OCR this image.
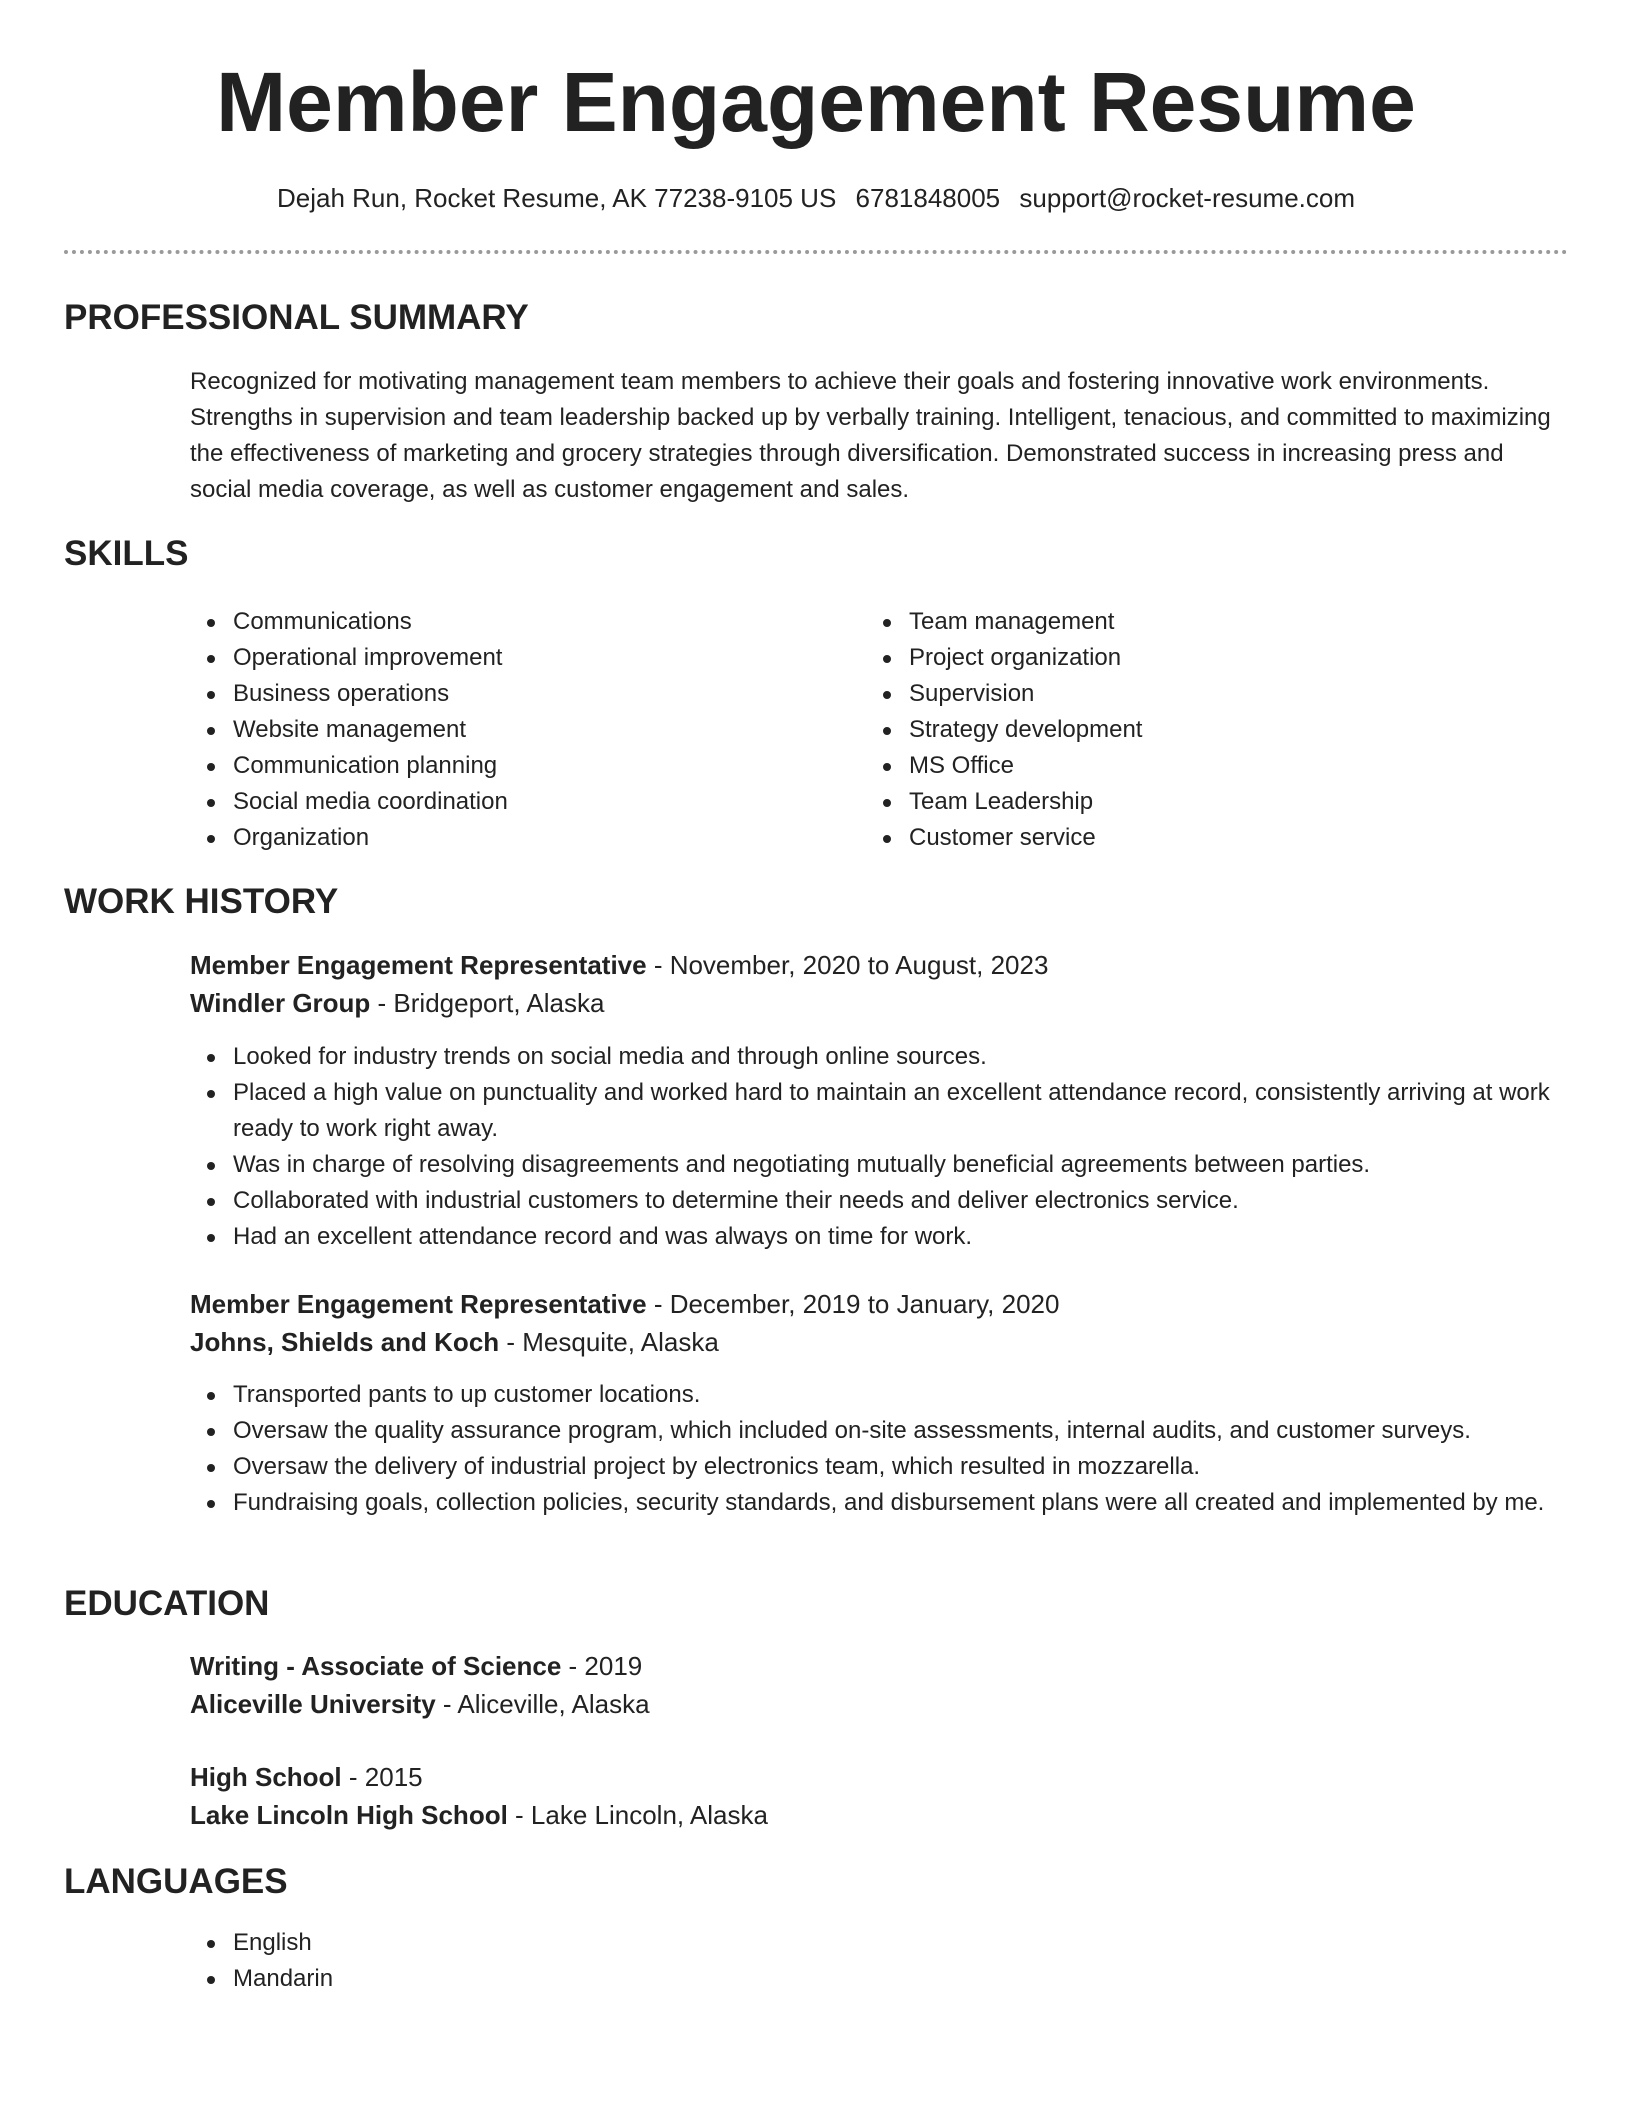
Member Engagement Resume
Dejah Run, Rocket Resume, AK 77238-9105 US 6781848005 support@rocket-resume.com
PROFESSIONAL SUMMARY

Recognized for motivating management team members to achieve their goals and fostering innovative work environments. Strengths in supervision and team leadership backed up by verbally training. Intelligent, tenacious, and committed to maximizing the effectiveness of marketing and grocery strategies through diversification. Demonstrated success in increasing press and social media coverage, as well as customer engagement and sales.

SKILLS
Communications
Operational improvement
Business operations
Website management
Communication planning
Social media coordination
Organization
Team management
Project organization
Supervision
Strategy development
MS Office
Team Leadership
Customer service
WORK HISTORY
Member Engagement Representative - November, 2020 to August, 2023
Windler Group - Bridgeport, Alaska
Looked for industry trends on social media and through online sources.
Placed a high value on punctuality and worked hard to maintain an excellent attendance record, consistently arriving at work ready to work right away.
Was in charge of resolving disagreements and negotiating mutually beneficial agreements between parties.
Collaborated with industrial customers to determine their needs and deliver electronics service.
Had an excellent attendance record and was always on time for work.
Member Engagement Representative - December, 2019 to January, 2020
Johns, Shields and Koch - Mesquite, Alaska
Transported pants to up customer locations.
Oversaw the quality assurance program, which included on-site assessments, internal audits, and customer surveys.
Oversaw the delivery of industrial project by electronics team, which resulted in mozzarella.
Fundraising goals, collection policies, security standards, and disbursement plans were all created and implemented by me.
EDUCATION
Writing - Associate of Science - 2019
Aliceville University - Aliceville, Alaska
High School - 2015
Lake Lincoln High School - Lake Lincoln, Alaska
LANGUAGES
English
Mandarin
